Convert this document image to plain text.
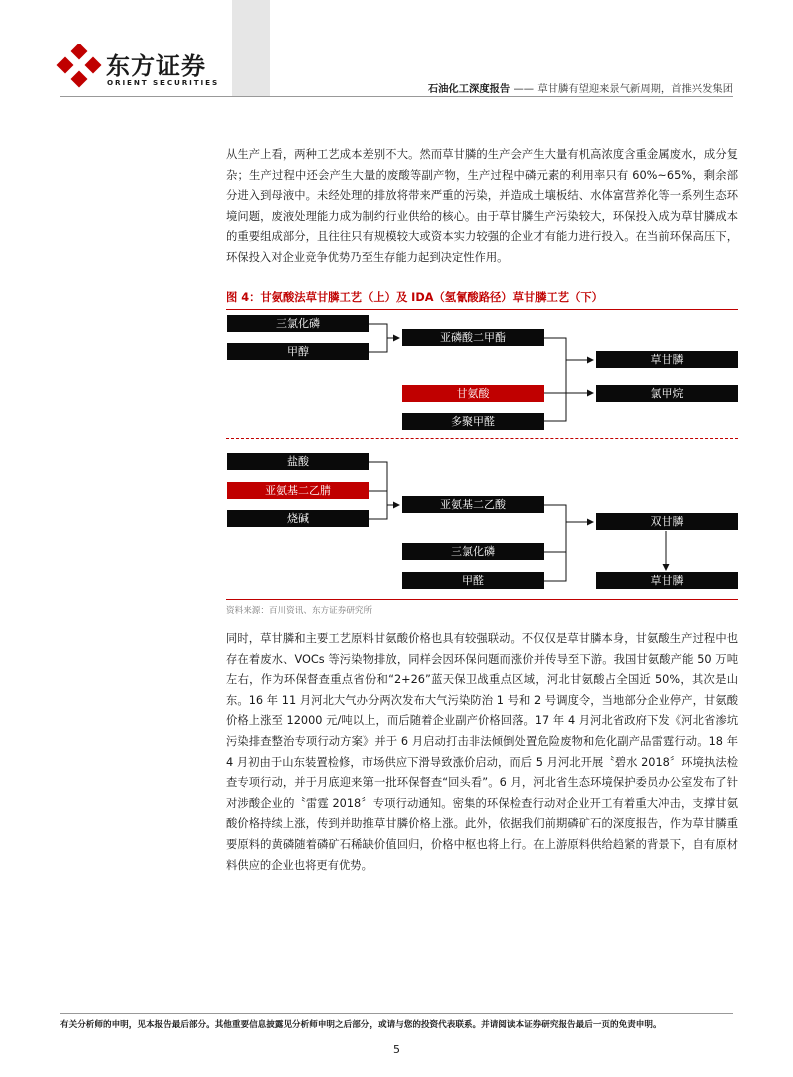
东方证券
ORIENT SECURITIES
石油化工深度报告 —— 草甘膦有望迎来景气新周期，首推兴发集团

从生产上看，两种工艺成本差别不大。然而草甘膦的生产会产生大量有机高浓度含重金属废水，成分复杂；生产过程中还会产生大量的废酸等副产物，生产过程中磷元素的利用率只有 60%~65%，剩余部分进入到母液中。未经处理的排放将带来严重的污染，并造成土壤板结、水体富营养化等一系列生态环境问题，废液处理能力成为制约行业供给的核心。由于草甘膦生产污染较大，环保投入成为草甘膦成本的重要组成部分，且往往只有规模较大或资本实力较强的企业才有能力进行投入。在当前环保高压下，环保投入对企业竞争优势乃至生存能力起到决定性作用。

图 4：甘氨酸法草甘膦工艺（上）及 IDA（氢氰酸路径）草甘膦工艺（下）
三氯化磷
甲醇
亚磷酸二甲酯
甘氨酸
多聚甲醛
草甘膦
氯甲烷
盐酸
亚氨基二乙腈
烧碱
亚氨基二乙酸
三氯化磷
甲醛
双甘膦
草甘膦
资料来源：百川资讯、东方证券研究所

同时，草甘膦和主要工艺原料甘氨酸价格也具有较强联动。不仅仅是草甘膦本身，甘氨酸生产过程中也存在着废水、VOCs 等污染物排放，同样会因环保问题而涨价并传导至下游。我国甘氨酸产能 50 万吨左右，作为环保督查重点省份和“2+26”蓝天保卫战重点区域，河北甘氨酸占全国近 50%，其次是山东。16 年 11 月河北大气办分两次发布大气污染防治 1 号和 2 号调度令，当地部分企业停产，甘氨酸价格上涨至 12000 元/吨以上，而后随着企业副产价格回落。17 年 4 月河北省政府下发《河北省渗坑污染排查整治专项行动方案》并于 6 月启动打击非法倾倒处置危险废物和危化副产品雷霆行动。18 年 4 月初由于山东装置检修，市场供应下滑导致涨价启动，而后 5 月河北开展〝碧水 2018〞环境执法检查专项行动，并于月底迎来第一批环保督查“回头看”。6 月，河北省生态环境保护委员办公室发布了针对涉酸企业的〝雷霆 2018〞专项行动通知。密集的环保检查行动对企业开工有着重大冲击，支撑甘氨酸价格持续上涨，传到并助推草甘膦价格上涨。此外，依据我们前期磷矿石的深度报告，作为草甘膦重要原料的黄磷随着磷矿石稀缺价值回归，价格中枢也将上行。在上游原料供给趋紧的背景下，自有原材料供应的企业也将更有优势。

有关分析师的申明，见本报告最后部分。其他重要信息披露见分析师申明之后部分，或请与您的投资代表联系。并请阅读本证券研究报告最后一页的免责申明。
5
